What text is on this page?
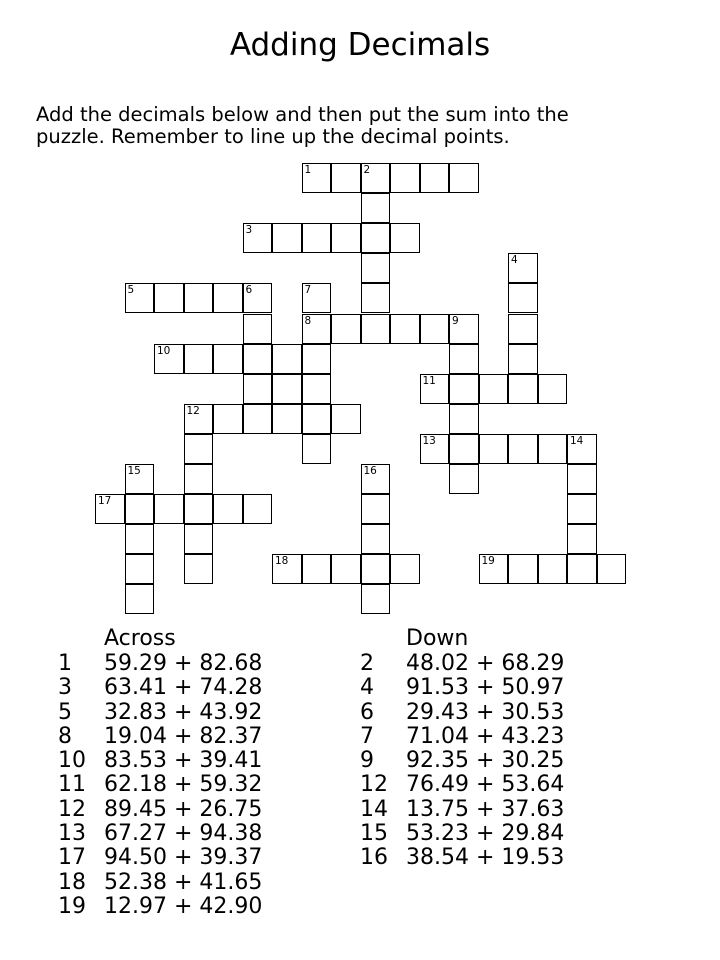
Adding Decimals
Add the decimals below and then put the sum into the
puzzle. Remember to line up the decimal points.
1	2
3
4
5	6	7
8	9
10
11
12
13	14
15	16
17
18	19
Across
1 59.29 + 82.68
3 63.41 + 74.28
5 32.83 + 43.92
8 19.04 + 82.37
10 83.53 + 39.41
11 62.18 + 59.32
12 89.45 + 26.75
13 67.27 + 94.38
17 94.50 + 39.37
18 52.38 + 41.65
19 12.97 + 42.90
Down
2 48.02 + 68.29
4 91.53 + 50.97
6 29.43 + 30.53
7 71.04 + 43.23
9 92.35 + 30.25
12 76.49 + 53.64
14 13.75 + 37.63
15 53.23 + 29.84
16 38.54 + 19.53
